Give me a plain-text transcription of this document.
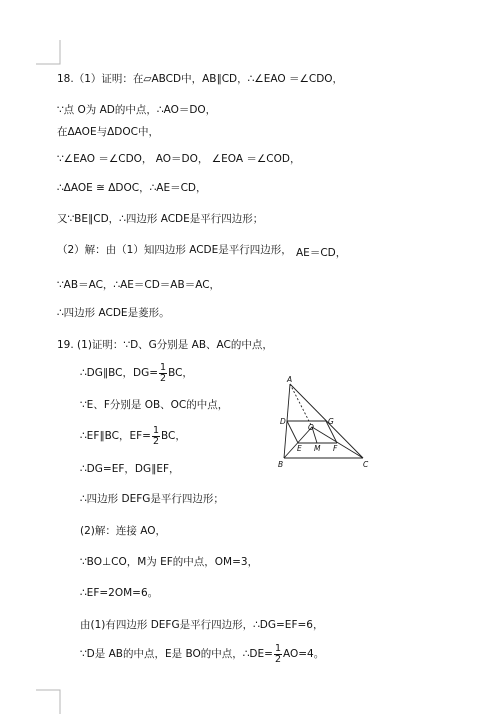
18.（1）证明：在▱ABCD中，AB∥CD，∴∠EAO ＝∠CDO，
∵点 O为 AD的中点，∴AO＝DO，
在ΔAOE与ΔDOC中，
∵∠EAO ＝∠CDO， AO＝DO， ∠EOA ＝∠COD，
∴ΔAOE ≅ ΔDOC，∴AE＝CD，
又∵BE∥CD，∴四边形 ACDE是平行四边形；
（2）解：由（1）知四边形 ACDE是平行四边形， AE＝CD，
∵AB＝AC，∴AE＝CD＝AB＝AC，
∴四边形 ACDE是菱形。
19. (1)证明：∵D、G分别是 AB、AC的中点，
∴DG∥BC，$DG= \frac{1}{2}$ BC，
∵E、F分别是 OB、OC的中点，
∴EF∥BC，$EF= \frac{1}{2}$ BC，
∴DG=EF，DG∥EF，
∴四边形 DEFG是平行四边形；
(2)解：连接 AO，
∵BO⊥CO，M为 EF的中点，OM=3，
∴EF=2OM=6。
由(1)有四边形 DEFG是平行四边形，∴DG=EF=6，
∵D是 AB的中点，E是 BO的中点，∴DE= $\frac{1}{2} AO=4$。
A
B	C
D	G
O
E M F
